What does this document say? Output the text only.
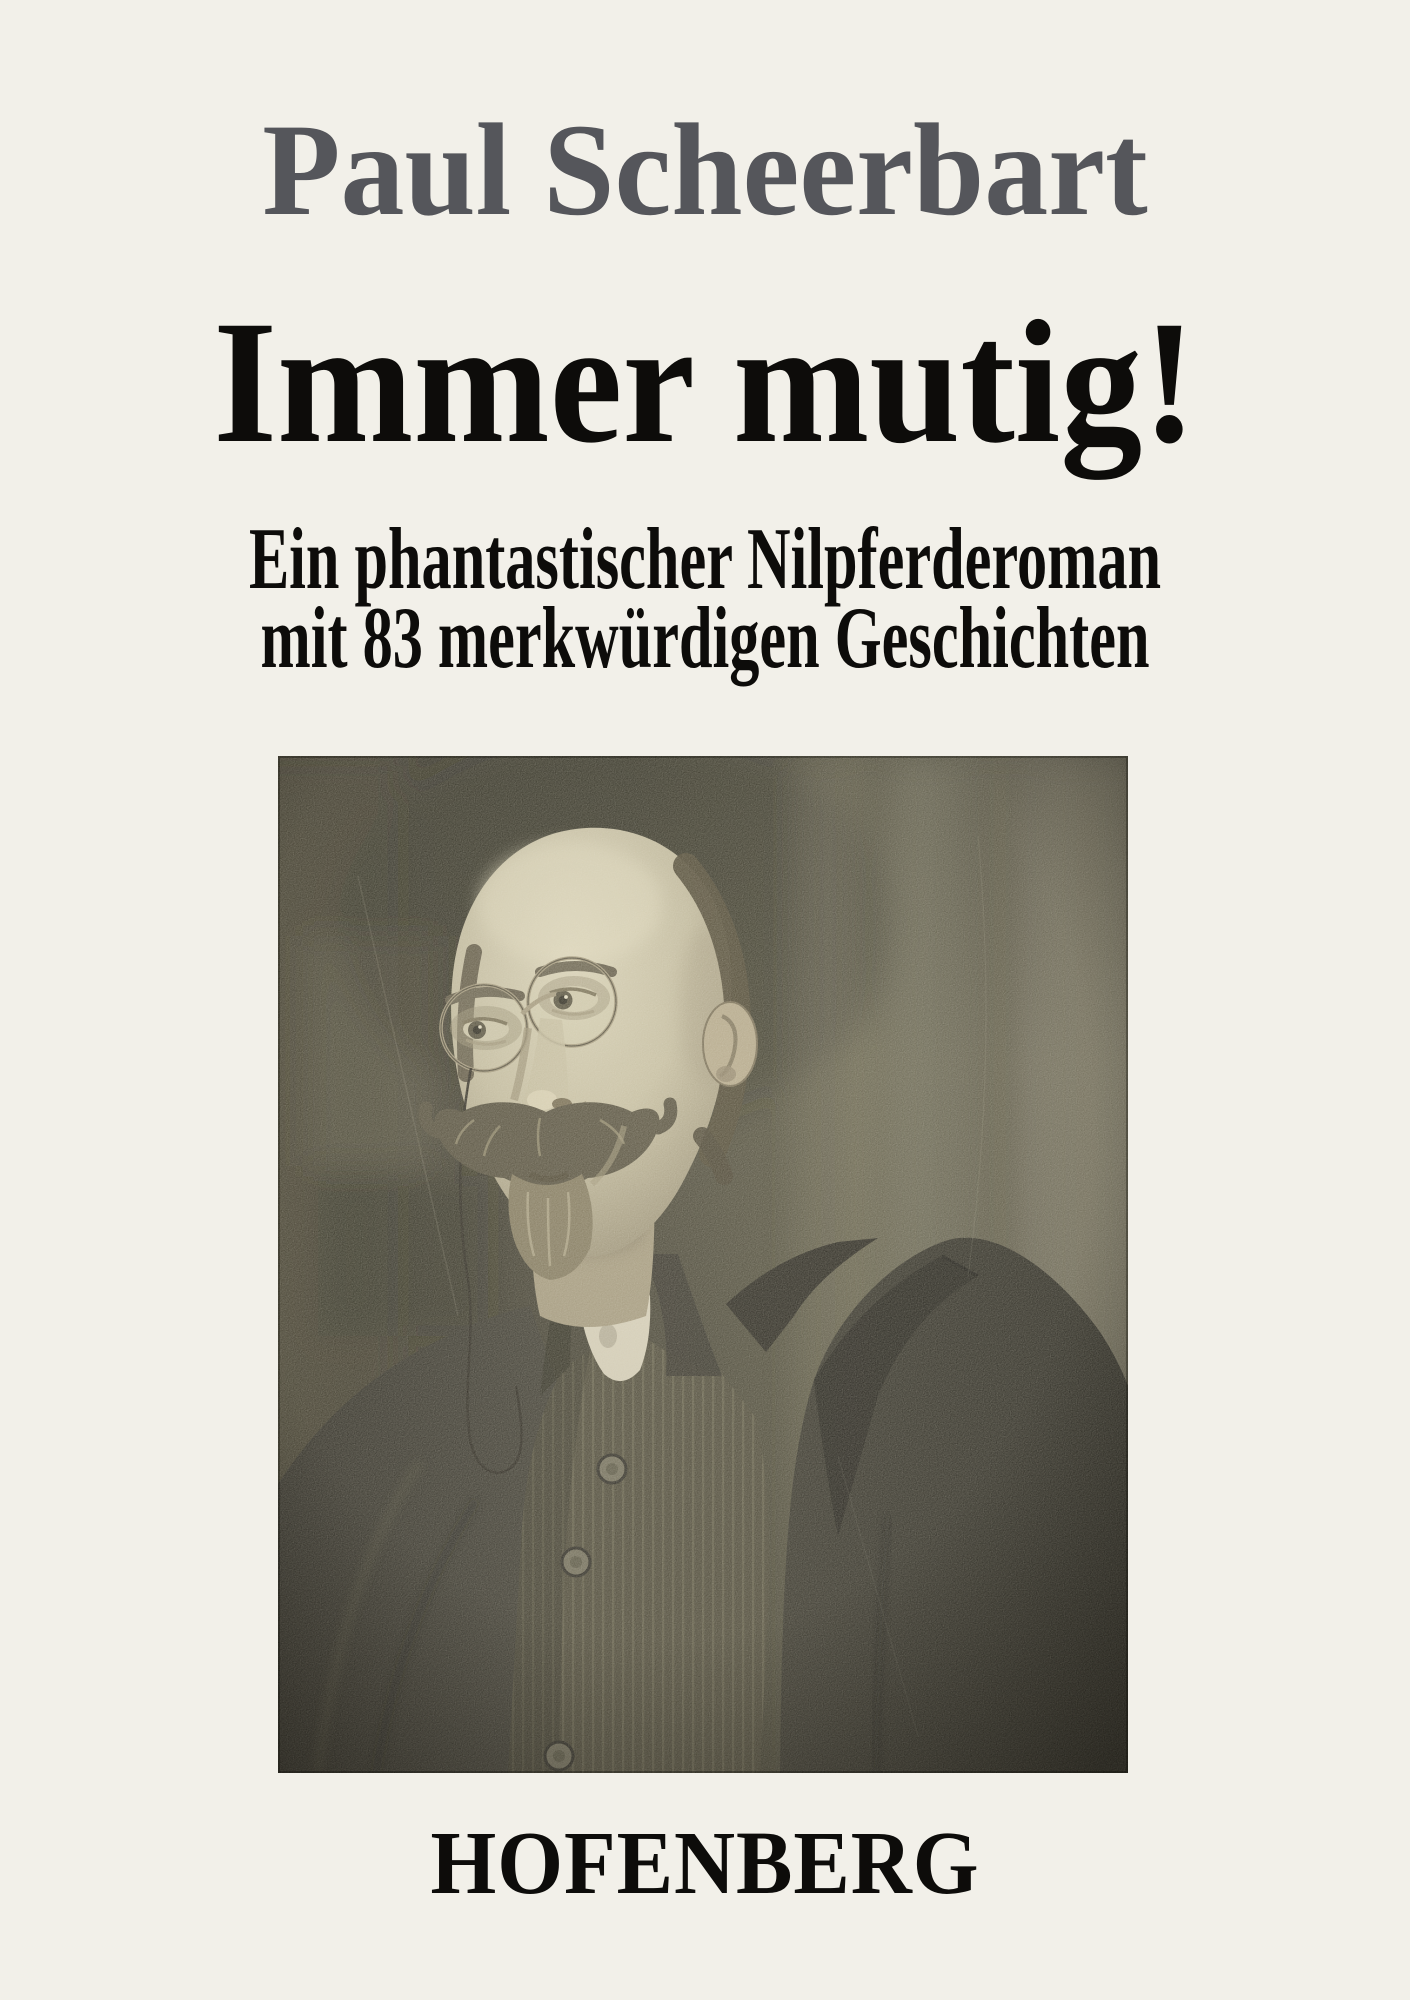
Paul Scheerbart
Immer mutig!
Ein phantastischer Nilpferderoman
mit 83 merkwürdigen Geschichten
HOFENBERG
